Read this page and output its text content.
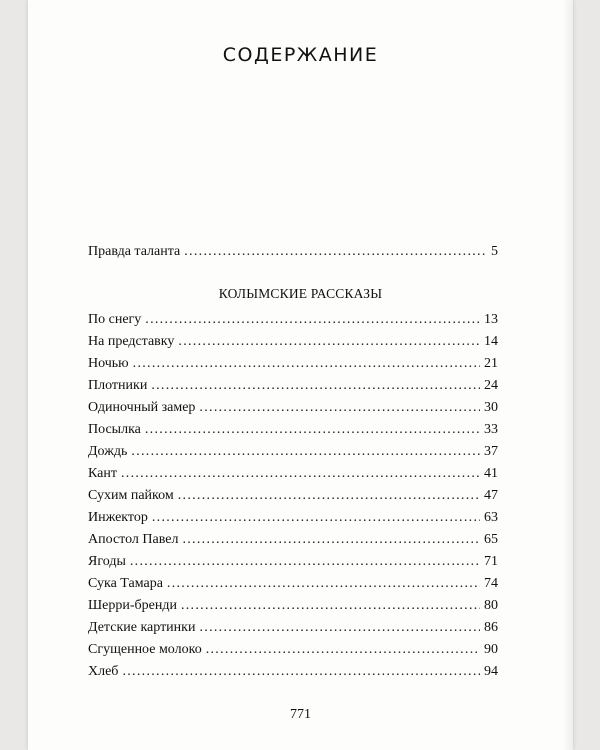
СОДЕРЖАНИЕ
КОЛЫМСКИЕ РАССКАЗЫ
Правда таланта . . .	5
По снегу . . .	13
На представку . . .	14
Ночью . . .	21
Плотники . . .	24
Одиночный замер . . .	30
Посылка . . .	33
Дождь . . .	37
Кант . . .	41
Сухим пайком . . .	47
Инжектор . . .	63
Апостол Павел . . .	65
Ягоды . . .	71
Сука Тамара . . .	74
Шерри-бренди . . .	80
Детские картинки . . .	86
Сгущенное молоко . . .	90
Хлеб . . .	94
771
